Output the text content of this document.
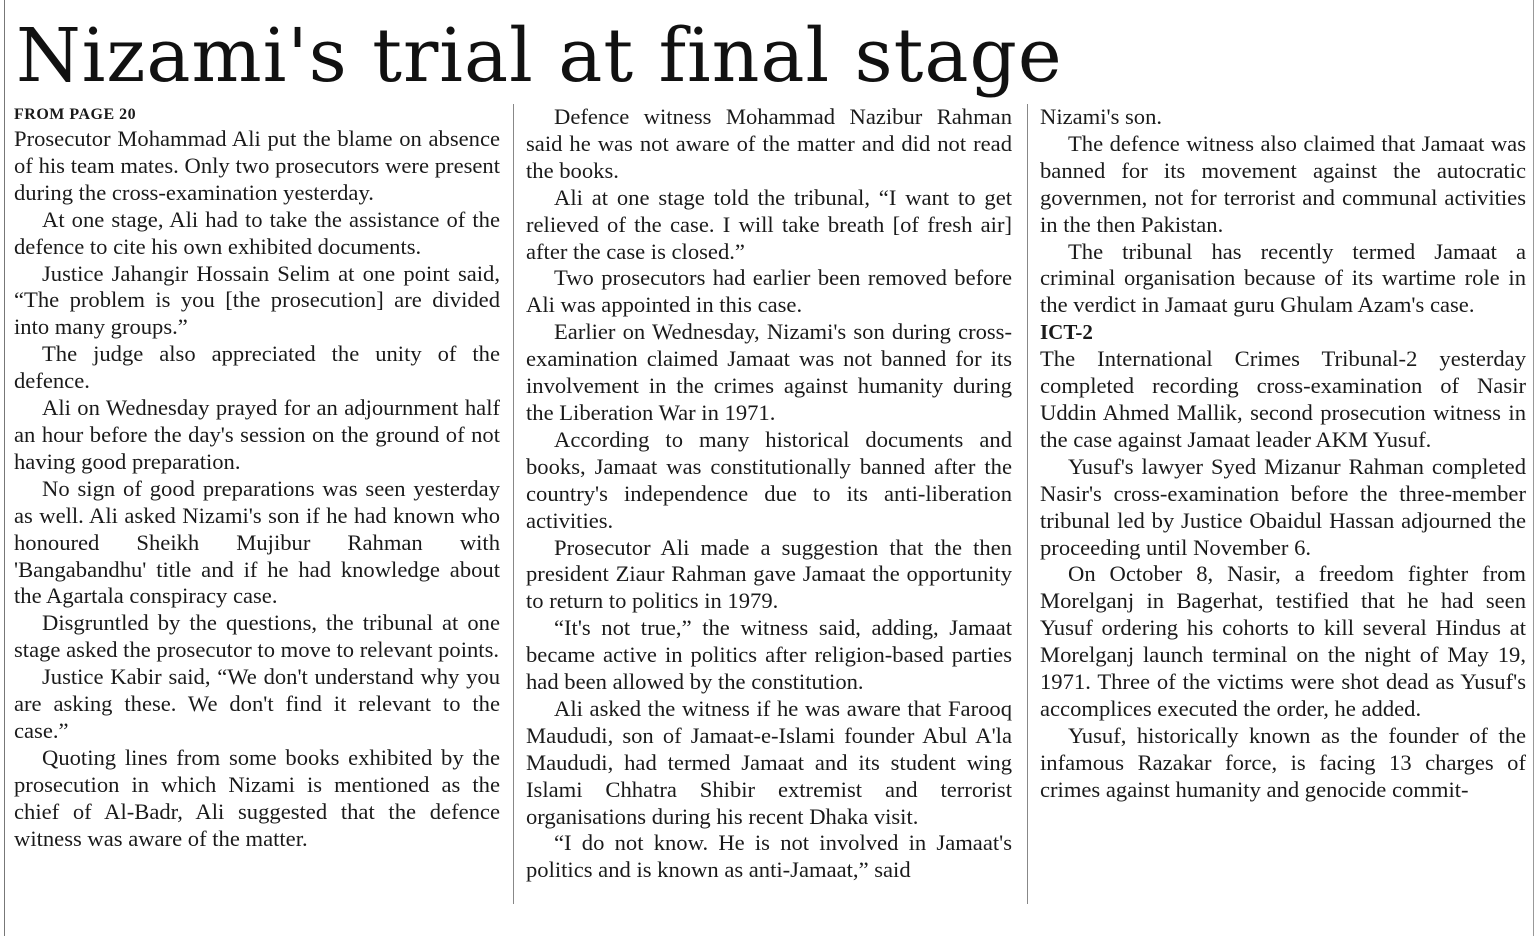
Nizami's trial at final stage

FROM PAGE 20

Prosecutor Mohammad Ali put the blame on absence of his team mates. Only two prosecutors were present during the cross-examination yesterday.

At one stage, Ali had to take the assistance of the defence to cite his own exhibited documents.

Justice Jahangir Hossain Selim at one point said, “The problem is you [the prosecution] are divided into many groups.”

The judge also appreciated the unity of the defence.

Ali on Wednesday prayed for an adjournment half an hour before the day's session on the ground of not having good preparation.

No sign of good preparations was seen yesterday as well. Ali asked Nizami's son if he had known who honoured Sheikh Mujibur Rahman with 'Bangabandhu' title and if he had knowledge about the Agartala conspiracy case.

Disgruntled by the questions, the tribunal at one stage asked the prosecutor to move to relevant points.

Justice Kabir said, “We don't understand why you are asking these. We don't find it relevant to the case.”

Quoting lines from some books exhibited by the prosecution in which Nizami is mentioned as the chief of Al-Badr, Ali suggested that the defence witness was aware of the matter.

Defence witness Mohammad Nazibur Rahman said he was not aware of the matter and did not read the books.

Ali at one stage told the tribunal, “I want to get relieved of the case. I will take breath [of fresh air] after the case is closed.”

Two prosecutors had earlier been removed before Ali was appointed in this case.

Earlier on Wednesday, Nizami's son during cross-examination claimed Jamaat was not banned for its involvement in the crimes against humanity during the Liberation War in 1971.

According to many historical documents and books, Jamaat was constitutionally banned after the country's independence due to its anti-liberation activities.

Prosecutor Ali made a suggestion that the then president Ziaur Rahman gave Jamaat the opportunity to return to politics in 1979.

“It's not true,” the witness said, adding, Jamaat became active in politics after religion-based parties had been allowed by the constitution.

Ali asked the witness if he was aware that Farooq Maududi, son of Jamaat-e-Islami founder Abul A'la Maududi, had termed Jamaat and its student wing Islami Chhatra Shibir extremist and terrorist organisations during his recent Dhaka visit.

“I do not know. He is not involved in Jamaat's politics and is known as anti-Jamaat,” said

Nizami's son.

The defence witness also claimed that Jamaat was banned for its movement against the autocratic governmen, not for terrorist and communal activities in the then Pakistan.

The tribunal has recently termed Jamaat a criminal organisation because of its wartime role in the verdict in Jamaat guru Ghulam Azam's case.

ICT-2

The International Crimes Tribunal-2 yesterday completed recording cross-examination of Nasir Uddin Ahmed Mallik, second prosecution witness in the case against Jamaat leader AKM Yusuf.

Yusuf's lawyer Syed Mizanur Rahman completed Nasir's cross-examination before the three-member tribunal led by Justice Obaidul Hassan adjourned the proceeding until November 6.

On October 8, Nasir, a freedom fighter from Morelganj in Bagerhat, testified that he had seen Yusuf ordering his cohorts to kill several Hindus at Morelganj launch terminal on the night of May 19, 1971. Three of the victims were shot dead as Yusuf's accomplices executed the order, he added.

Yusuf, historically known as the founder of the infamous Razakar force, is facing 13 charges of crimes against humanity and genocide commit-
